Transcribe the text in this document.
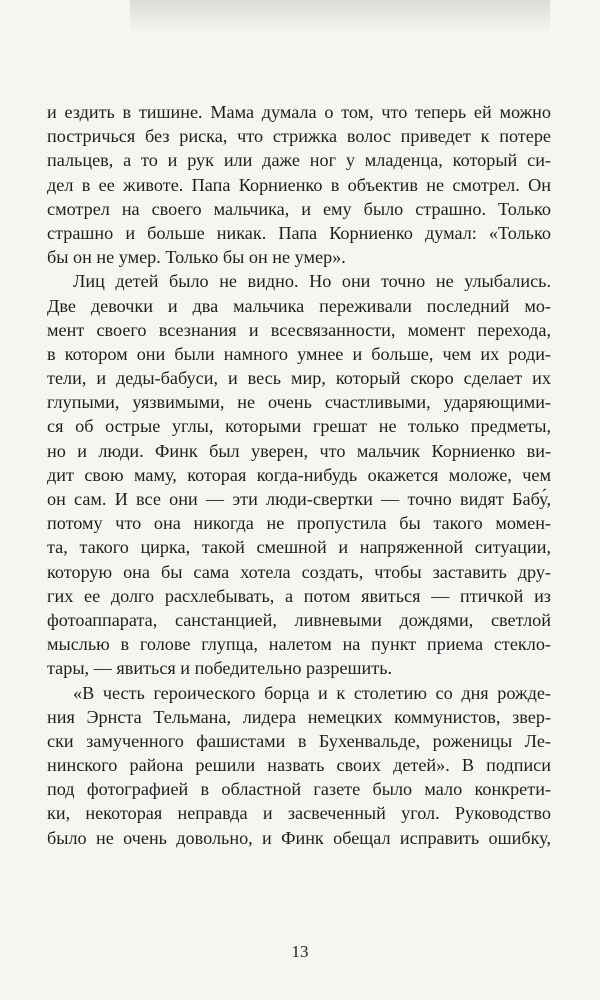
и ездить в тишине. Мама думала о том, что теперь ей можно
постричься без риска, что стрижка волос приведет к потере
пальцев, а то и рук или даже ног у младенца, который си-
дел в ее животе. Папа Корниенко в объектив не смотрел. Он
смотрел на своего мальчика, и ему было страшно. Только
страшно и больше никак. Папа Корниенко думал: «Только
бы он не умер. Только бы он не умер».
Лиц детей было не видно. Но они точно не улыбались.
Две девочки и два мальчика переживали последний мо-
мент своего всезнания и всесвязанности, момент перехода,
в котором они были намного умнее и больше, чем их роди-
тели, и деды-бабуси, и весь мир, который скоро сделает их
глупыми, уязвимыми, не очень счастливыми, ударяющими-
ся об острые углы, которыми грешат не только предметы,
но и люди. Финк был уверен, что мальчик Корниенко ви-
дит свою маму, которая когда-нибудь окажется моложе, чем
он сам. И все они — эти люди-свертки — точно видят Бабу́,
потому что она никогда не пропустила бы такого момен-
та, такого цирка, такой смешной и напряженной ситуации,
которую она бы сама хотела создать, чтобы заставить дру-
гих ее долго расхлебывать, а потом явиться — птичкой из
фотоаппарата, санстанцией, ливневыми дождями, светлой
мыслью в голове глупца, налетом на пункт приема стекло-
тары, — явиться и победительно разрешить.
«В честь героического борца и к столетию со дня рожде-
ния Эрнста Тельмана, лидера немецких коммунистов, звер-
ски замученного фашистами в Бухенвальде, роженицы Ле-
нинского района решили назвать своих детей». В подписи
под фотографией в областной газете было мало конкрети-
ки, некоторая неправда и засвеченный угол. Руководство
было не очень довольно, и Финк обещал исправить ошибку,
13
